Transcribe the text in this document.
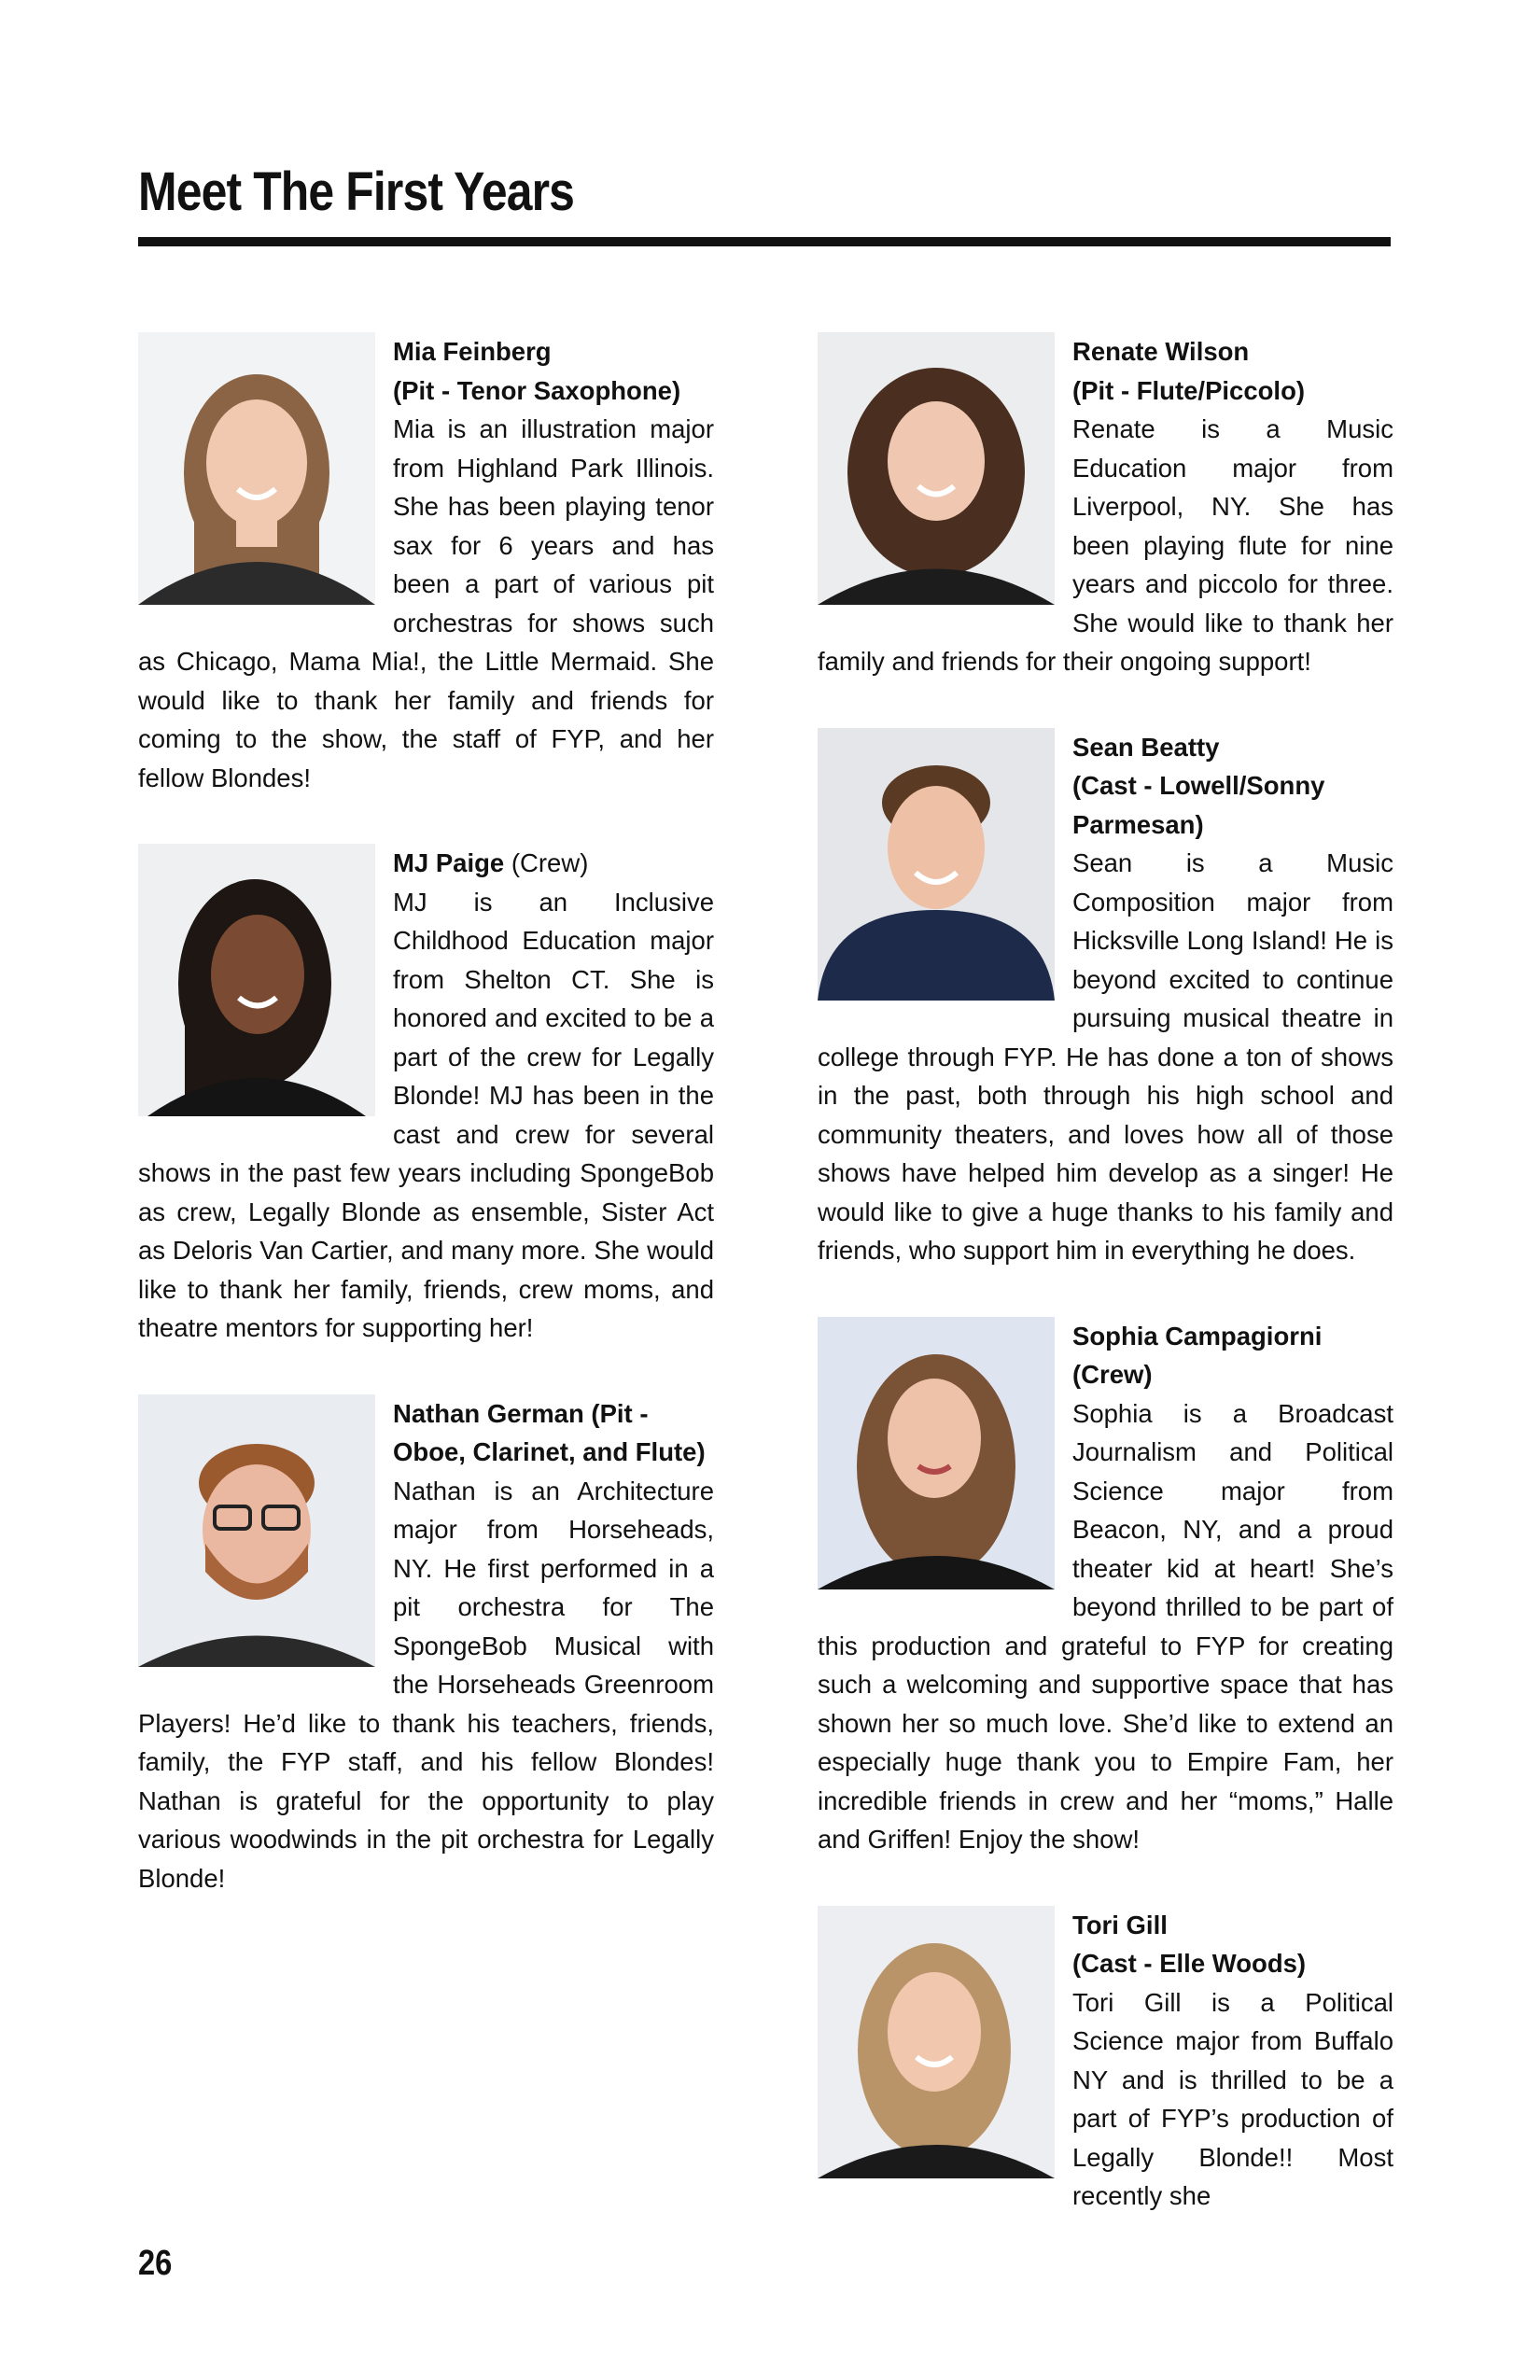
Meet The First Years
Mia Feinberg
(Pit - Tenor Saxophone)

Mia is an illustration major from Highland Park Illinois. She has been playing tenor sax for 6 years and has been a part of various pit orchestras for shows such as Chicago, Mama Mia!, the Little Mermaid. She would like to thank her family and friends for coming to the show, the staff of FYP, and her fellow Blondes!

MJ Paige (Crew)

MJ is an Inclusive Childhood Education major from Shelton CT. She is honored and excited to be a part of the crew for Legally Blonde! MJ has been in the cast and crew for several shows in the past few years including SpongeBob as crew, Legally Blonde as ensemble, Sister Act as Deloris Van Cartier, and many more. She would like to thank her family, friends, crew moms, and theatre mentors for supporting her!

Nathan German (Pit - Oboe, Clarinet, and Flute)

Nathan is an Architecture major from Horseheads, NY. He first performed in a pit orchestra for The SpongeBob Musical with the Horseheads Greenroom Players! He’d like to thank his teachers, friends, family, the FYP staff, and his fellow Blondes! Nathan is grateful for the opportunity to play various woodwinds in the pit orchestra for Legally Blonde!

Renate Wilson
(Pit - Flute/Piccolo)

Renate is a Music Education major from Liverpool, NY. She has been playing flute for nine years and piccolo for three. She would like to thank her family and friends for their ongoing support!

Sean Beatty
(Cast - Lowell/Sonny Parmesan)

Sean is a Music Composition major from Hicksville Long Island! He is beyond excited to continue pursuing musical theatre in college through FYP. He has done a ton of shows in the past, both through his high school and community theaters, and loves how all of those shows have helped him develop as a singer! He would like to give a huge thanks to his family and friends, who support him in everything he does.

Sophia Campagiorni
(Crew)

Sophia is a Broadcast Journalism and Political Science major from Beacon, NY, and a proud theater kid at heart! She’s beyond thrilled to be part of this production and grateful to FYP for creating such a welcoming and supportive space that has shown her so much love. She’d like to extend an especially huge thank you to Empire Fam, her incredible friends in crew and her “moms,” Halle and Griffen! Enjoy the show!

Tori Gill
(Cast - Elle Woods)

Tori Gill is a Political Science major from Buffalo NY and is thrilled to be a part of FYP’s production of Legally Blonde!! Most recently she

26
